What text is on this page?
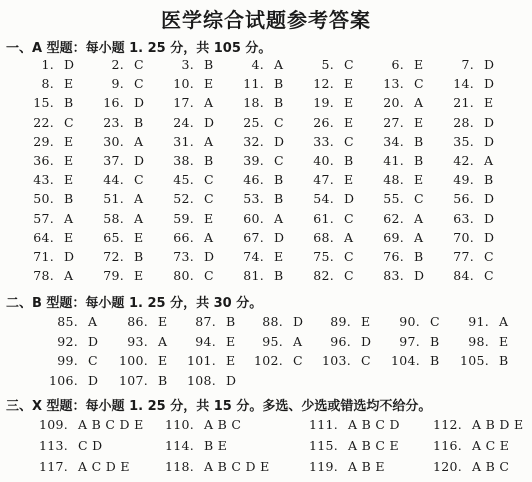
医学综合试题参考答案
一、A 型题：每小题 1. 25 分，共 105 分。
1. D	2. C	3. B	4. A	5. C	6. E	7. D
8. E	9. C	10. E	11. B	12. E	13. C	14. D
15. B	16. D	17. A	18. B	19. E	20. A	21. E
22. C	23. B	24. D	25. C	26. E	27. E	28. D
29. E	30. A	31. A	32. D	33. C	34. B	35. D
36. E	37. D	38. B	39. C	40. B	41. B	42. A
43. E	44. C	45. C	46. B	47. E	48. E	49. B
50. B	51. A	52. C	53. B	54. D	55. C	56. D
57. A	58. A	59. E	60. A	61. C	62. A	63. D
64. E	65. E	66. A	67. D	68. A	69. A	70. D
71. D	72. B	73. D	74. E	75. C	76. B	77. C
78. A	79. E	80. C	81. B	82. C	83. D	84. C
二、B 型题：每小题 1. 25 分，共 30 分。
85. A	86. E	87. B	88. D	89. E	90. C	91. A
92. D	93. A	94. E	95. A	96. D	97. B	98. E
99. C	100. E	101. E	102. C	103. C	104. B	105. B
106. D	107. B	108. D
三、X 型题：每小题 1. 25 分，共 15 分。多选、少选或错选均不给分。
109. A B C D E	110. A B C	111. A B C D	112. A B D E
113. C D	114. B E	115. A B C E	116. A C E
117. A C D E	118. A B C D E	119. A B E	120. A B C
